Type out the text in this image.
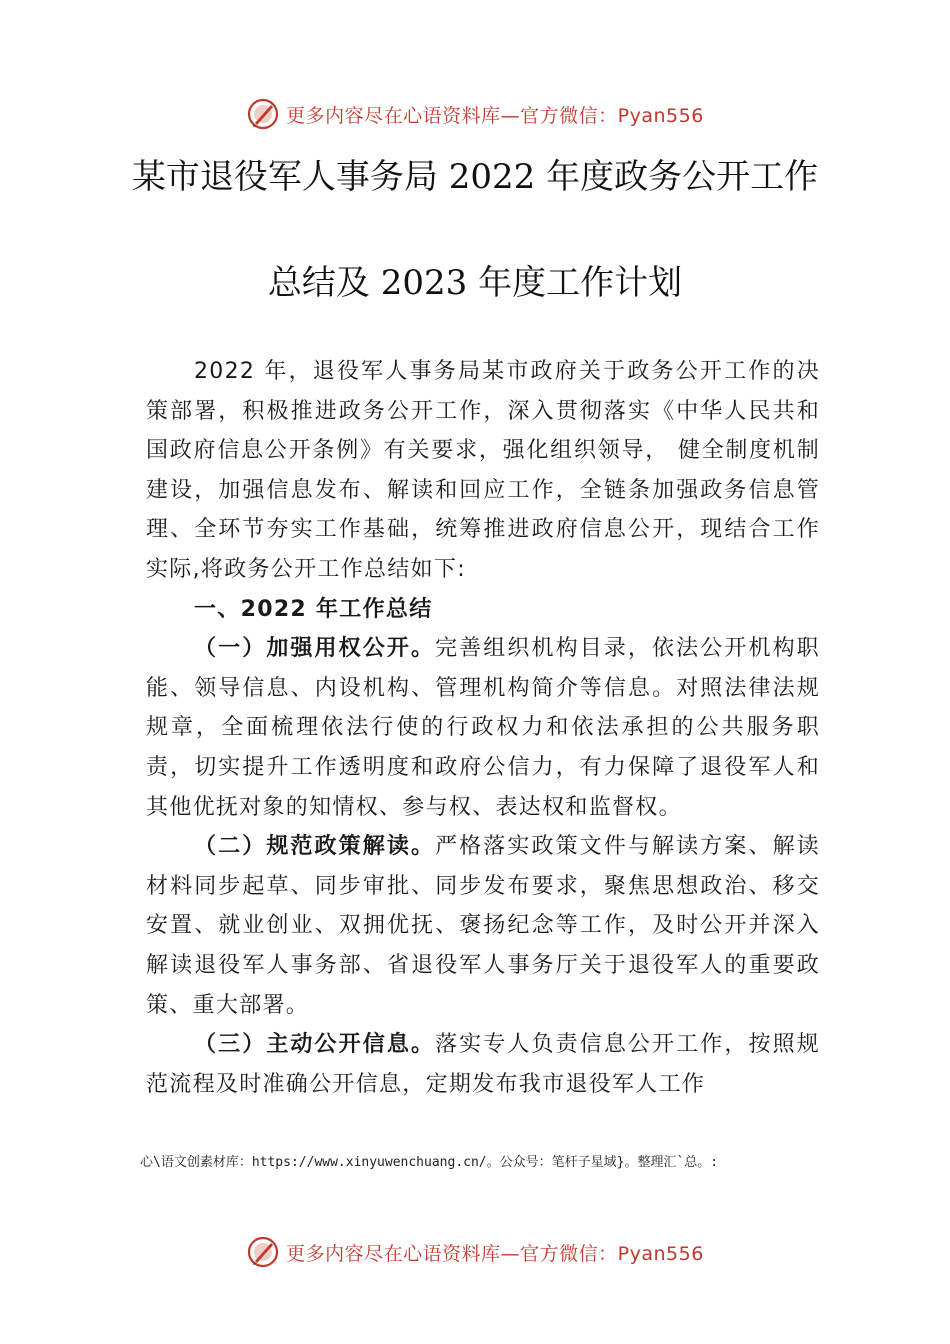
更多内容尽在心语资料库—官方微信：Pyan556
某市退役军人事务局 2022 年度政务公开工作
总结及 2023 年度工作计划

2022 年，退役军人事务局某市政府关于政务公开工作的决策部署，积极推进政务公开工作，深入贯彻落实《中华人民共和国政府信息公开条例》有关要求，强化组织领导， 健全制度机制建设，加强信息发布、解读和回应工作，全链条加强政务信息管理、全环节夯实工作基础，统筹推进政府信息公开，现结合工作实际,将政务公开工作总结如下:

一、2022 年工作总结

（一）加强用权公开。完善组织机构目录，依法公开机构职能、领导信息、内设机构、管理机构简介等信息。对照法律法规规章，全面梳理依法行使的行政权力和依法承担的公共服务职责，切实提升工作透明度和政府公信力，有力保障了退役军人和其他优抚对象的知情权、参与权、表达权和监督权。

（二）规范政策解读。严格落实政策文件与解读方案、解读材料同步起草、同步审批、同步发布要求，聚焦思想政治、移交安置、就业创业、双拥优抚、褒扬纪念等工作，及时公开并深入解读退役军人事务部、省退役军人事务厅关于退役军人的重要政策、重大部署。

（三）主动公开信息。落实专人负责信息公开工作，按照规范流程及时准确公开信息，定期发布我市退役军人工作

心\语文创素材库：https://www.xinyuwenchuang.cn/。公众号：笔杆子星域}。整理汇`总。:
更多内容尽在心语资料库—官方微信：Pyan556
